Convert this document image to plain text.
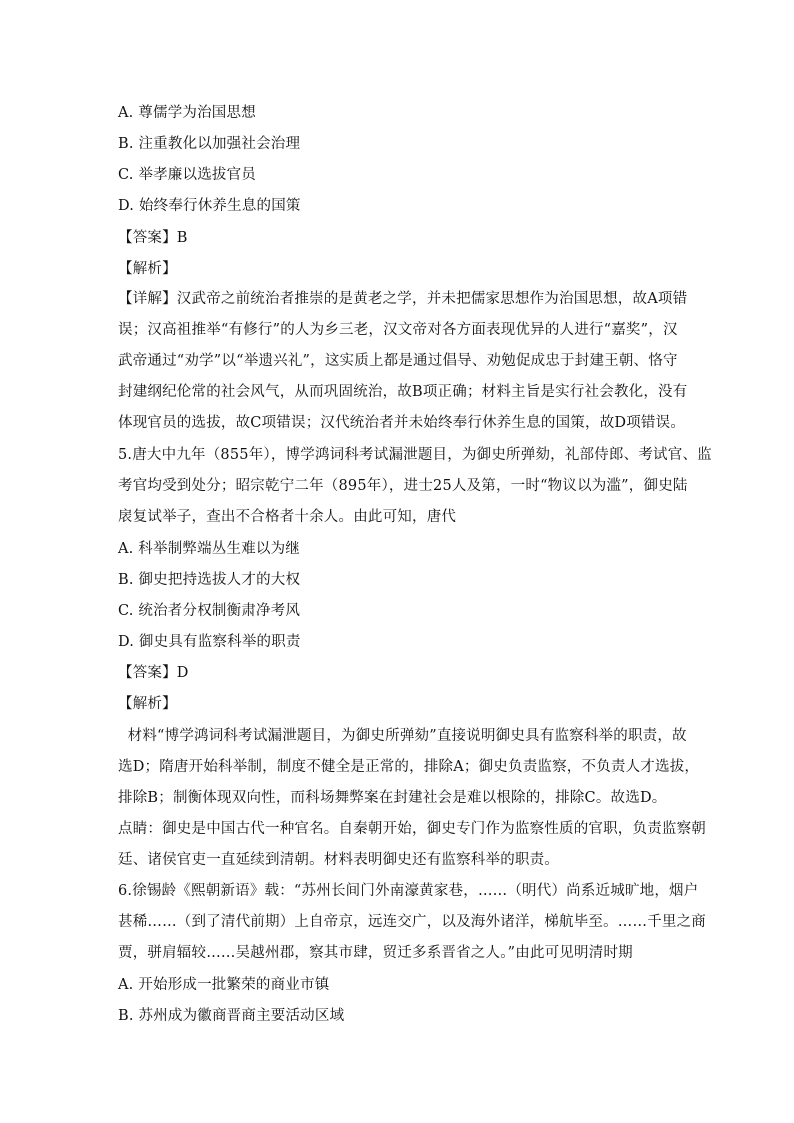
A. 尊儒学为治国思想
B. 注重教化以加强社会治理
C. 举孝廉以选拔官员
D. 始终奉行休养生息的国策
【答案】B
【解析】
【详解】汉武帝之前统治者推崇的是黄老之学，并未把儒家思想作为治国思想，故A项错
误；汉高祖推举“有修行”的人为乡三老，汉文帝对各方面表现优异的人进行“嘉奖”，汉
武帝通过“劝学”以“举遗兴礼”，这实质上都是通过倡导、劝勉促成忠于封建王朝、恪守
封建纲纪伦常的社会风气，从而巩固统治，故B项正确；材料主旨是实行社会教化，没有
体现官员的选拔，故C项错误；汉代统治者并未始终奉行休养生息的国策，故D项错误。
5.唐大中九年（855年），博学鸿词科考试漏泄题目，为御史所弹劾，礼部侍郎、考试官、监
考官均受到处分；昭宗乾宁二年（895年），进士25人及第，一时“物议以为滥”，御史陆
扆复试举子，查出不合格者十余人。由此可知，唐代
A. 科举制弊端丛生难以为继
B. 御史把持选拔人才的大权
C. 统治者分权制衡肃净考风
D. 御史具有监察科举的职责
【答案】D
【解析】
材料“博学鸿词科考试漏泄题目，为御史所弹劾”直接说明御史具有监察科举的职责，故
选D；隋唐开始科举制，制度不健全是正常的，排除A；御史负责监察，不负责人才选拔，
排除B；制衡体现双向性，而科场舞弊案在封建社会是难以根除的，排除C。故选D。
点睛：御史是中国古代一种官名。自秦朝开始，御史专门作为监察性质的官职，负责监察朝
廷、诸侯官吏一直延续到清朝。材料表明御史还有监察科举的职责。
6.徐锡龄《熙朝新语》载：“苏州长间门外南濠黄家巷，……（明代）尚系近城旷地，烟户
甚稀……（到了清代前期）上自帝京，远连交广，以及海外诸洋，梯航毕至。……千里之商
贾，骈肩辐较……吴越州郡，察其市肆，贸迁多系晋省之人。”由此可见明清时期
A. 开始形成一批繁荣的商业市镇
B. 苏州成为徽商晋商主要活动区域
